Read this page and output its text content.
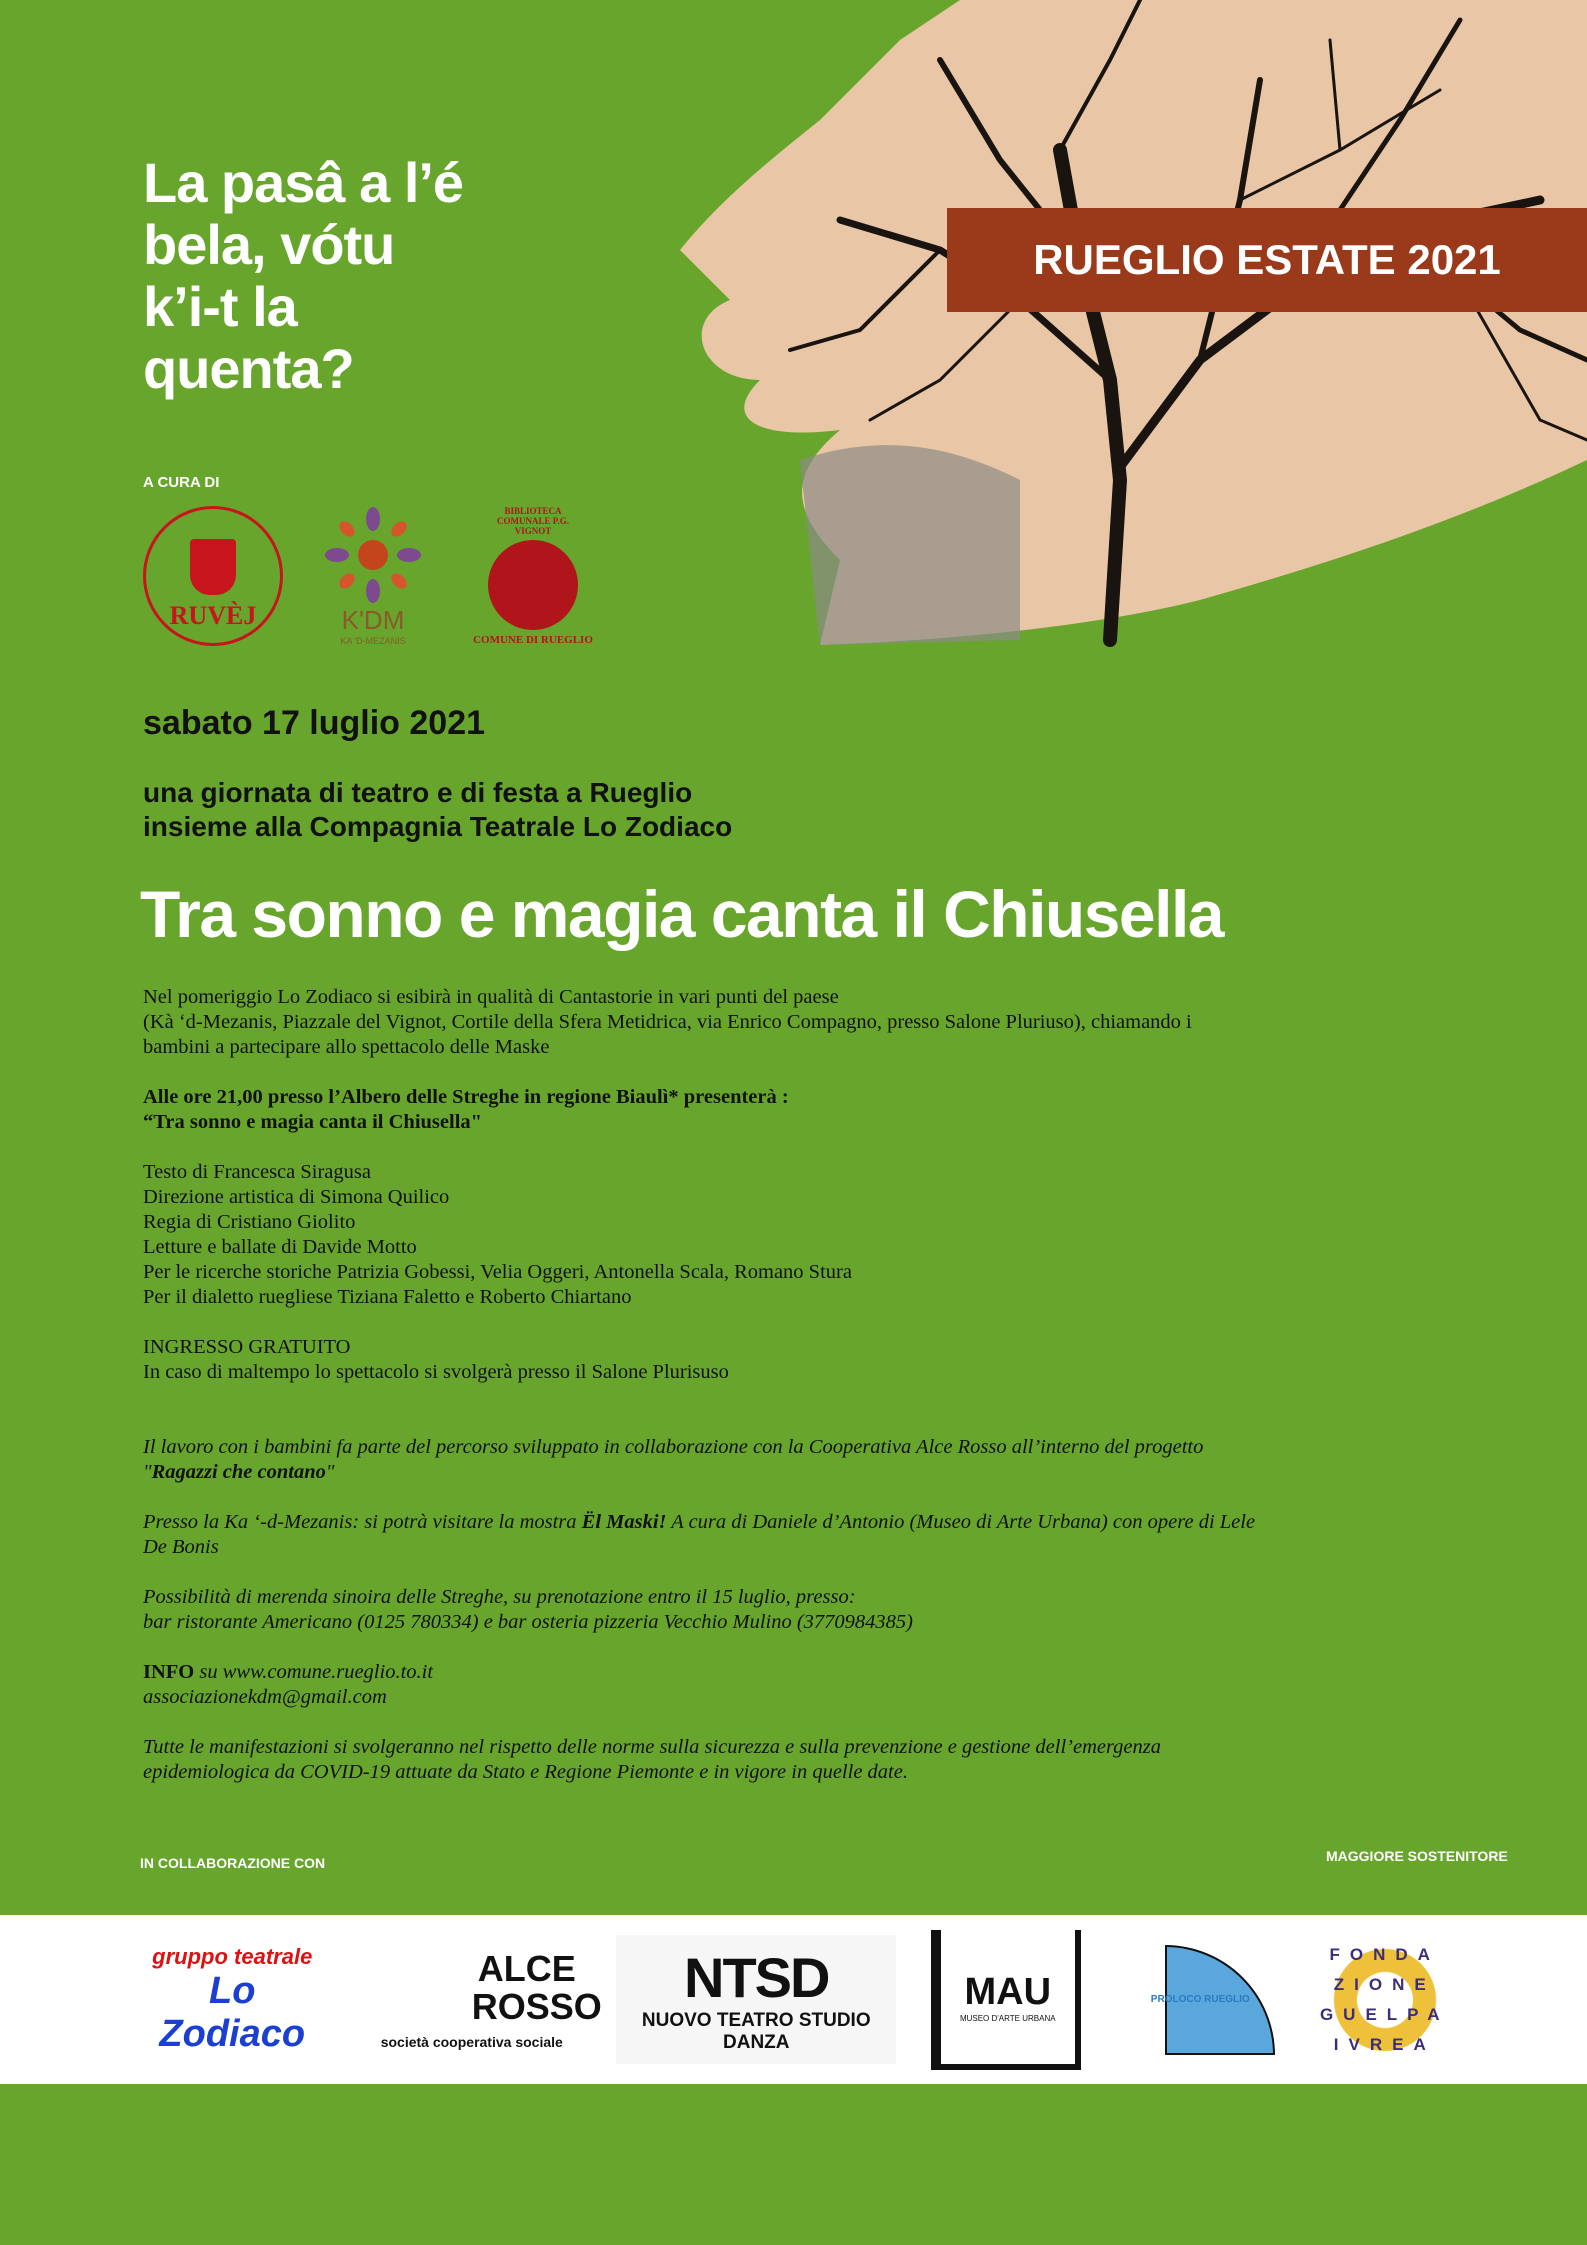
La pasâ a l’é
bela, vótu
k’i-t la
quenta?
RUEGLIO ESTATE 2021
A CURA DI
RUVÈJ	K'DM
KA 'D-MEZANIS
BIBLIOTECA COMUNALE P.G. VIGNOT
COMUNE DI RUEGLIO
sabato 17 luglio 2021
una giornata di teatro e di festa a Rueglio
insieme alla Compagnia Teatrale Lo Zodiaco
Tra sonno e magia canta il Chiusella

Nel pomeriggio Lo Zodiaco si esibirà in qualità di Cantastorie in vari punti del paese
(Kà ‘d-Mezanis, Piazzale del Vignot, Cortile della Sfera Metidrica, via Enrico Compagno, presso Salone Pluriuso), chiamando i
bambini a partecipare allo spettacolo delle Maske

Alle ore 21,00 presso l’Albero delle Streghe in regione Biaulì* presenterà :
“Tra sonno e magia canta il Chiusella"

Testo di Francesca Siragusa
Direzione artistica di Simona Quilico
Regia di Cristiano Giolito
Letture e ballate di Davide Motto
Per le ricerche storiche Patrizia Gobessi, Velia Oggeri, Antonella Scala, Romano Stura
Per il dialetto ruegliese Tiziana Faletto e Roberto Chiartano

INGRESSO GRATUITO
In caso di maltempo lo spettacolo si svolgerà presso il Salone Plurisuso

Il lavoro con i bambini fa parte del percorso sviluppato in collaborazione con la Cooperativa Alce Rosso all’interno del progetto
"Ragazzi che contano"

Presso la Ka ‘-d-Mezanis: si potrà visitare la mostra Ël Maski! A cura di Daniele d’Antonio (Museo di Arte Urbana) con opere di Lele
De Bonis

Possibilità di merenda sinoira delle Streghe, su prenotazione entro il 15 luglio, presso:
bar ristorante Americano (0125 780334) e bar osteria pizzeria Vecchio Mulino (3770984385)

INFO su www.comune.rueglio.to.it
associazionekdm@gmail.com

Tutte le manifestazioni si svolgeranno nel rispetto delle norme sulla sicurezza e sulla prevenzione e gestione dell’emergenza
epidemiologica da COVID-19 attuate da Stato e Regione Piemonte e in vigore in quelle date.

IN COLLABORAZIONE CON	MAGGIORE SOSTENITORE
gruppo teatrale
Lo Zodiaco
ALCE ROSSO
società cooperativa sociale
NTSD
NUOVO TEATRO STUDIO DANZA
MAU
MUSEO D'ARTE URBANA
PROLOCO RUEGLIO
FONDA ZIONE GUELPA IVREA
